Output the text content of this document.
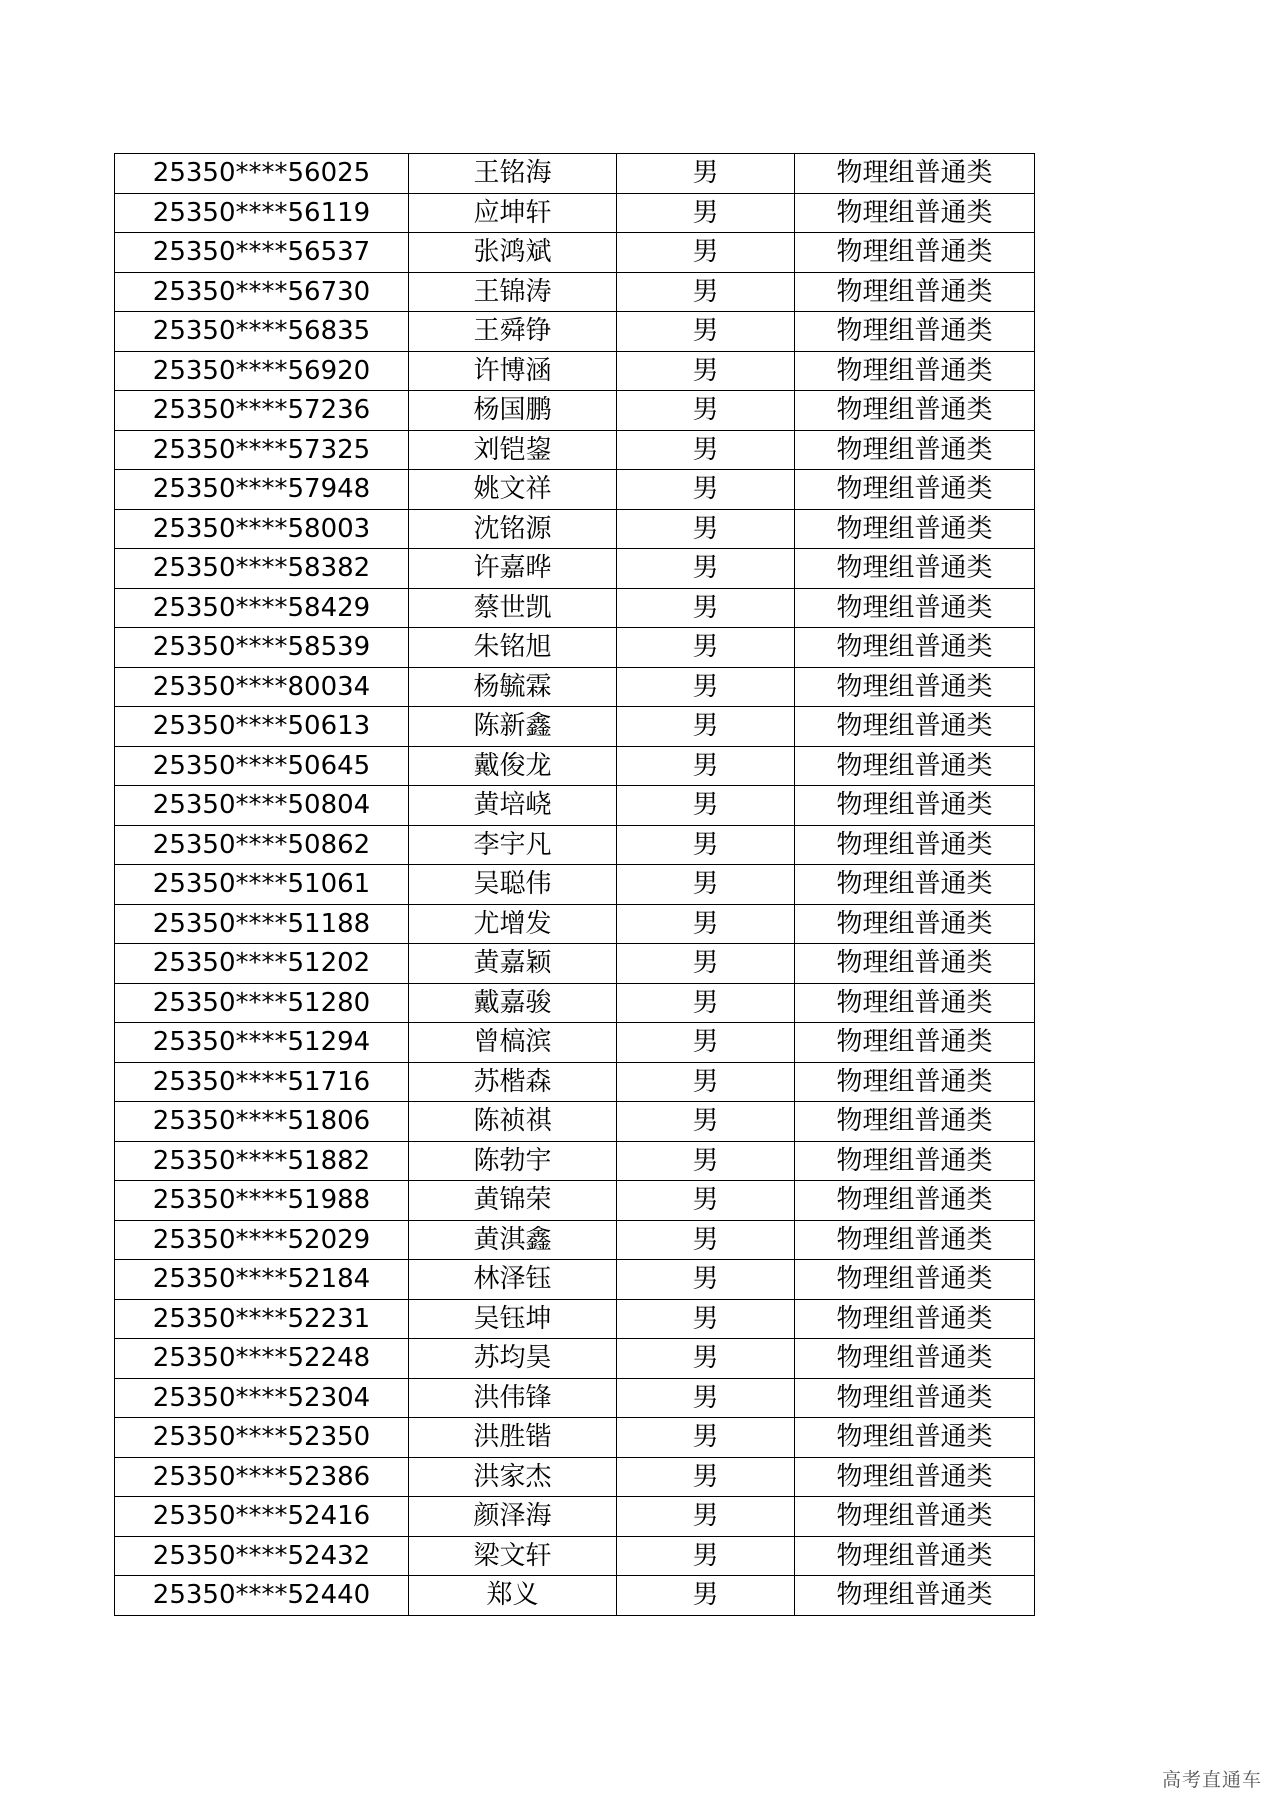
25350****56025	王铭海	男	物理组普通类
25350****56119	应坤轩	男	物理组普通类
25350****56537	张鸿斌	男	物理组普通类
25350****56730	王锦涛	男	物理组普通类
25350****56835	王舜铮	男	物理组普通类
25350****56920	许博涵	男	物理组普通类
25350****57236	杨国鹏	男	物理组普通类
25350****57325	刘铠鋆	男	物理组普通类
25350****57948	姚文祥	男	物理组普通类
25350****58003	沈铭源	男	物理组普通类
25350****58382	许嘉晔	男	物理组普通类
25350****58429	蔡世凯	男	物理组普通类
25350****58539	朱铭旭	男	物理组普通类
25350****80034	杨毓霖	男	物理组普通类
25350****50613	陈新鑫	男	物理组普通类
25350****50645	戴俊龙	男	物理组普通类
25350****50804	黄培峣	男	物理组普通类
25350****50862	李宇凡	男	物理组普通类
25350****51061	吴聪伟	男	物理组普通类
25350****51188	尤增发	男	物理组普通类
25350****51202	黄嘉颖	男	物理组普通类
25350****51280	戴嘉骏	男	物理组普通类
25350****51294	曾槁滨	男	物理组普通类
25350****51716	苏楷森	男	物理组普通类
25350****51806	陈祯祺	男	物理组普通类
25350****51882	陈勃宇	男	物理组普通类
25350****51988	黄锦荣	男	物理组普通类
25350****52029	黄淇鑫	男	物理组普通类
25350****52184	林泽钰	男	物理组普通类
25350****52231	吴钰坤	男	物理组普通类
25350****52248	苏均昊	男	物理组普通类
25350****52304	洪伟锋	男	物理组普通类
25350****52350	洪胜锴	男	物理组普通类
25350****52386	洪家杰	男	物理组普通类
25350****52416	颜泽海	男	物理组普通类
25350****52432	梁文轩	男	物理组普通类
25350****52440	郑义	男	物理组普通类
高考直通车
